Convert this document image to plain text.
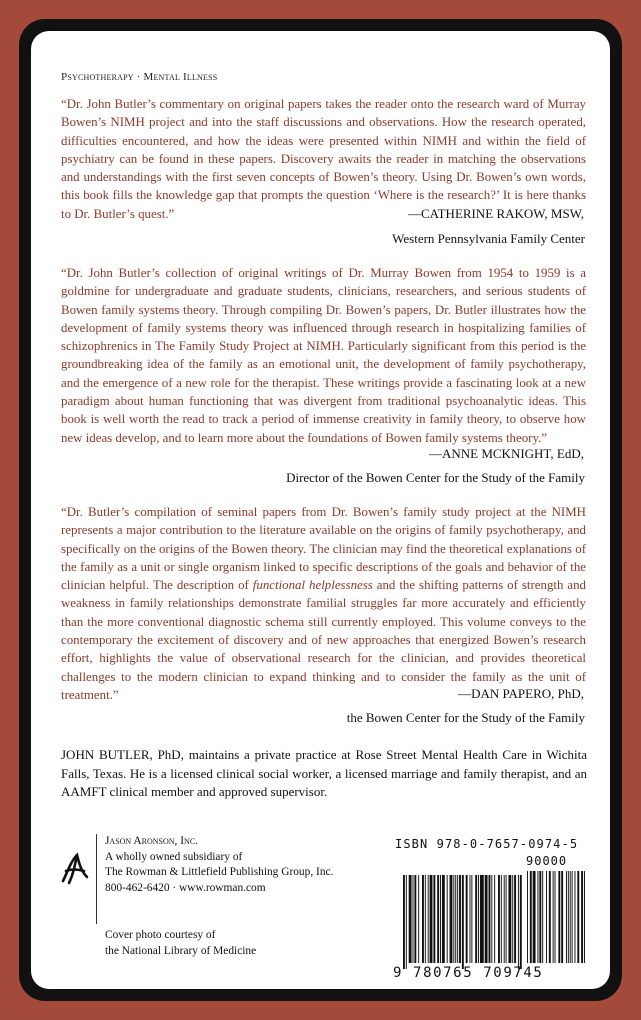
Psychotherapy · Mental Illness

“Dr. John Butler’s commentary on original papers takes the reader onto the research ward of Murray Bowen’s NIMH project and into the staff discussions and observations. How the research operated, difficulties encountered, and how the ideas were presented within NIMH and within the field of psychiatry can be found in these papers. Discovery awaits the reader in matching the observations and understandings with the first seven concepts of Bowen’s theory. Using Dr. Bowen’s own words, this book fills the knowledge gap that prompts the question ‘Where is the research?’ It is here thanks to Dr. Butler’s quest.”	—CATHERINE RAKOW, MSW,
Western Pennsylvania Family Center

“Dr. John Butler’s collection of original writings of Dr. Murray Bowen from 1954 to 1959 is a goldmine for undergraduate and graduate students, clinicians, researchers, and serious students of Bowen family systems theory. Through compiling Dr. Bowen’s papers, Dr. Butler illustrates how the development of family systems theory was influenced through research in hospitalizing families of schizophrenics in The Family Study Project at NIMH. Particularly significant from this period is the groundbreaking idea of the family as an emotional unit, the development of family psychotherapy, and the emergence of a new role for the therapist. These writings provide a fascinating look at a new paradigm about human functioning that was divergent from traditional psychoanalytic ideas. This book is well worth the read to track a period of immense creativity in family theory, to observe how new ideas develop, and to learn more about the foundations of Bowen family systems theory.”

—ANNE MCKNIGHT, EdD,
Director of the Bowen Center for the Study of the Family

“Dr. Butler’s compilation of seminal papers from Dr. Bowen’s family study project at the NIMH represents a major contribution to the literature available on the origins of family psychotherapy, and specifically on the origins of the Bowen theory. The clinician may find the theoretical explanations of the family as a unit or single organism linked to specific descriptions of the goals and behavior of the clinician helpful. The description of functional helplessness and the shifting patterns of strength and weakness in family relationships demonstrate familial struggles far more accurately and efficiently than the more conventional diagnostic schema still currently employed. This volume conveys to the contemporary the excitement of discovery and of new approaches that energized Bowen’s research effort, highlights the value of observational research for the clinician, and provides theoretical challenges to the modern clinician to expand thinking and to consider the family as the unit of treatment.”	—DAN PAPERO, PhD,
the Bowen Center for the Study of the Family

JOHN BUTLER, PhD, maintains a private practice at Rose Street Mental Health Care in Wichita Falls, Texas. He is a licensed clinical social worker, a licensed marriage and family therapist, and an AAMFT clinical member and approved supervisor.

Jason Aronson, Inc.
A wholly owned subsidiary of
The Rowman & Littlefield Publishing Group, Inc.
800-462-6420 · www.rowman.com
Cover photo courtesy of
the National Library of Medicine
ISBN 978-0-7657-0974-5
90000
9 780765 709745
